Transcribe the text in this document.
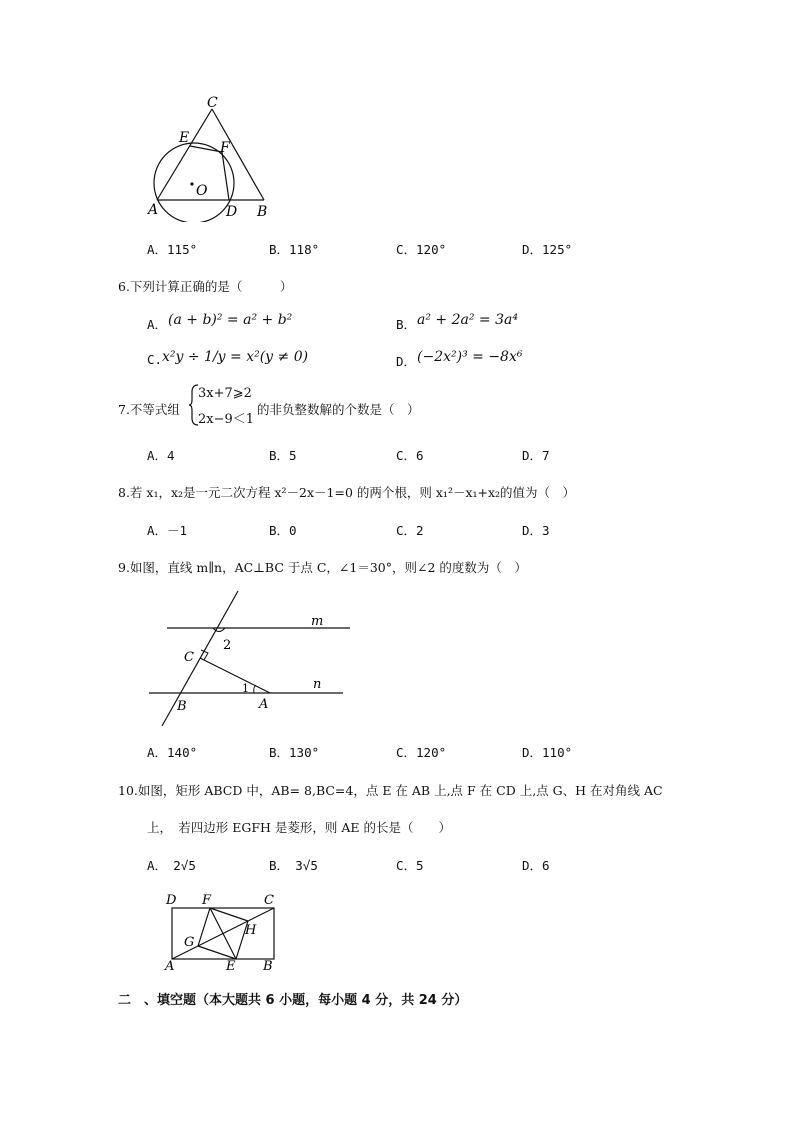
C
E
F
O
A	D B
A．115°	B．118°	C．120°	D．125°
6.下列计算正确的是（　　　）
A． (a + b)² = a² + b²	B． a² + 2a² = 3a⁴
C. x²y ÷ 1/y = x²(y ≠ 0)	D． (−2x²)³ = −8x⁶
7.不等式组
3x+7⩾2
2x−9＜1
的非负整数解的个数是（　）
A．4	B．5	C．6	D．7
8.若 x₁，x₂是一元二次方程 x²－2x－1=0 的两个根，则 x₁²－x₁+x₂的值为（　）
A．－1	B．0	C．2	D．3
9.如图，直线 m∥n，AC⊥BC 于点 C，∠1＝30°，则∠2 的度数为（　）
m
n
2
C
1
B	A
A．140°	B．130°	C．120°	D．110°
10.如图，矩形 ABCD 中，AB= 8,BC=4，点 E 在 AB 上,点 F 在 CD 上,点 G、H 在对角线 AC
上，　若四边形 EGFH 是菱形，则 AE 的长是（　　）
A．　2√5	B．　3√5	C．5	D．6
D F	C
G
H
A	E B
二　、填空题（本大题共 6 小题，每小题 4 分，共 24 分）
